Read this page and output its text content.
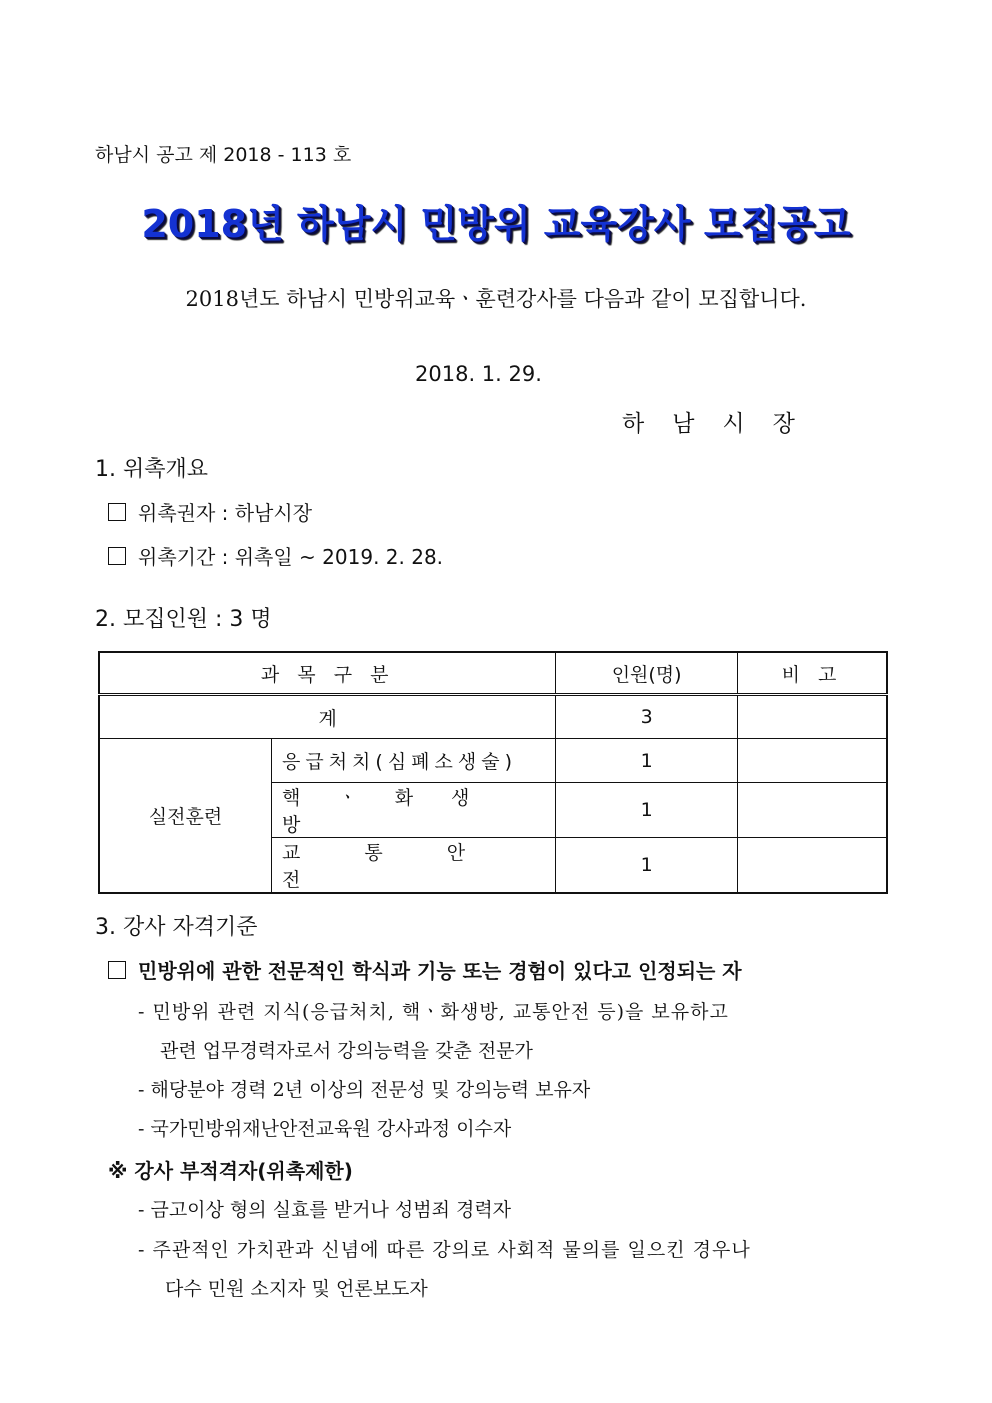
하남시 공고 제 2018 - 113 호
2018년 하남시 민방위 교육강사 모집공고
2018년도 하남시 민방위교육ㆍ훈련강사를 다음과 같이 모집합니다.
2018. 1. 29.
하남시장
1. 위촉개요
위촉권자 : 하남시장
위촉기간 : 위촉일 ~ 2019. 2. 28.
2. 모집인원 : 3 명
과 목 구 분		인원(명)	비 고
계		3	
실전훈련	응급처치(심폐소생술)	1	
	핵ㆍ화생방	1	
	교통안전	1	
3. 강사 자격기준
민방위에 관한 전문적인 학식과 기능 또는 경험이 있다고 인정되는 자
- 민방위 관련 지식(응급처치, 핵ㆍ화생방, 교통안전 등)을 보유하고
관련 업무경력자로서 강의능력을 갖춘 전문가
- 해당분야 경력 2년 이상의 전문성 및 강의능력 보유자
- 국가민방위재난안전교육원 강사과정 이수자
※ 강사 부적격자(위촉제한)
- 금고이상 형의 실효를 받거나 성범죄 경력자
- 주관적인 가치관과 신념에 따른 강의로 사회적 물의를 일으킨 경우나
다수 민원 소지자 및 언론보도자
